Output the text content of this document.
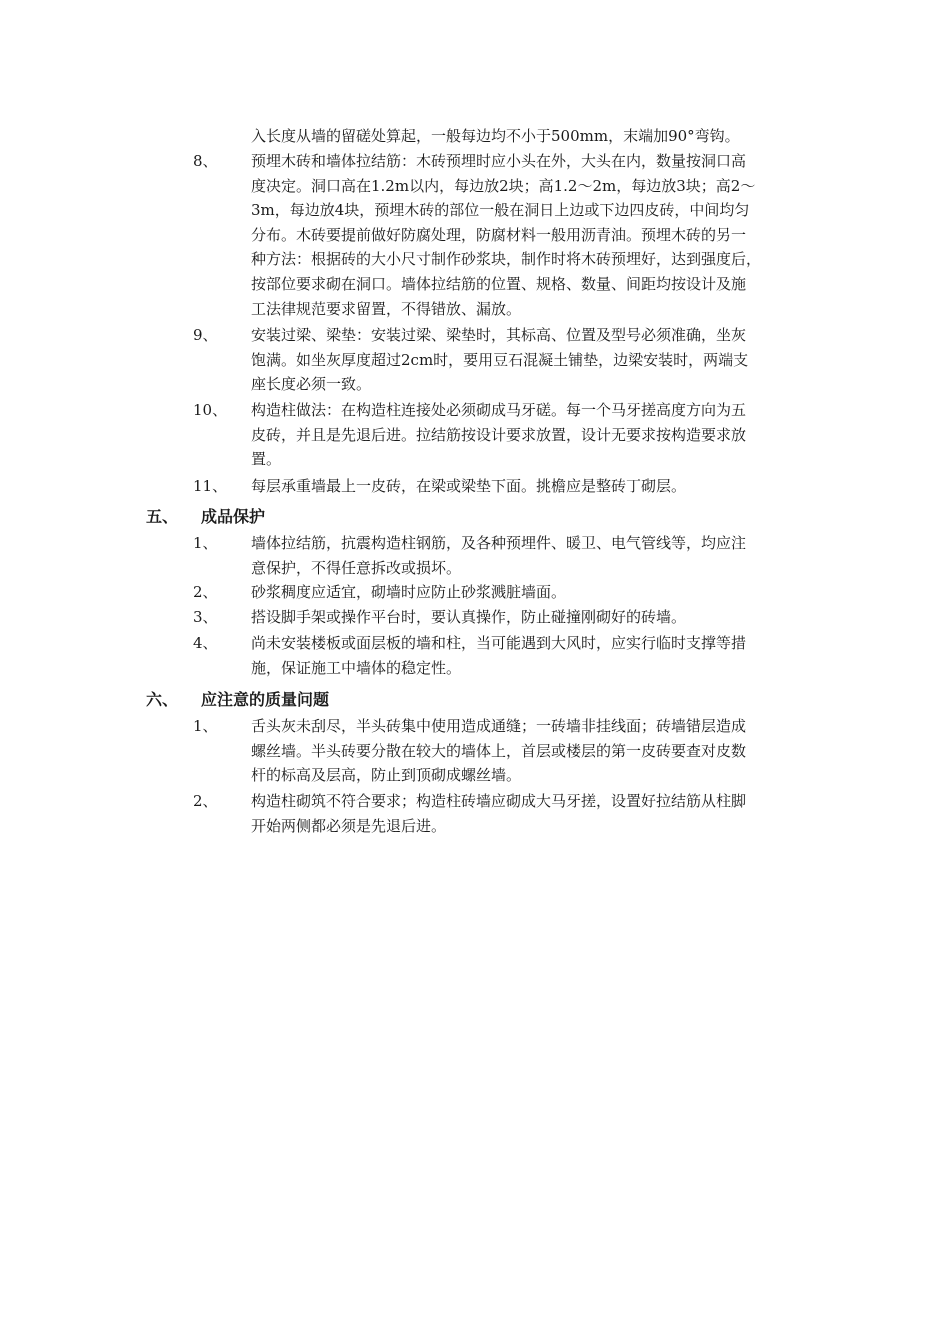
入长度从墙的留磋处算起，一般每边均不小于500mm，末端加90°弯钩。
8、 预埋木砖和墙体拉结筋：木砖预埋时应小头在外，大头在内，数量按洞口高
度决定。洞口高在1.2m以内，每边放2块；高1.2～2m，每边放3块；高2～
3m，每边放4块，预埋木砖的部位一般在洞日上边或下边四皮砖，中间均匀
分布。木砖要提前做好防腐处理，防腐材料一般用沥青油。预埋木砖的另一
种方法：根据砖的大小尺寸制作砂浆块，制作时将木砖预埋好，达到强度后，
按部位要求砌在洞口。墙体拉结筋的位置、规格、数量、间距均按设计及施
工法律规范要求留置，不得错放、漏放。
9、 安装过梁、梁垫：安装过梁、梁垫时，其标高、位置及型号必须准确，坐灰
饱满。如坐灰厚度超过2cm时，要用豆石混凝土铺垫，边梁安装时，两端支
座长度必须一致。
10、 构造柱做法：在构造柱连接处必须砌成马牙磋。每一个马牙搓高度方向为五
皮砖，并且是先退后进。拉结筋按设计要求放置，设计无要求按构造要求放
置。
11、 每层承重墙最上一皮砖，在梁或梁垫下面。挑檐应是整砖丁砌层。
五、 成品保护
1、 墙体拉结筋，抗震构造柱钢筋，及各种预埋件、暖卫、电气管线等，均应注
意保护，不得任意拆改或损坏。
2、 砂浆稠度应适宜，砌墙时应防止砂浆溅脏墙面。
3、 搭设脚手架或操作平台时，要认真操作，防止碰撞刚砌好的砖墙。
4、 尚未安装楼板或面层板的墙和柱，当可能遇到大风时，应实行临时支撑等措
施，保证施工中墙体的稳定性。
六、 应注意的质量问题
1、 舌头灰未刮尽，半头砖集中使用造成通缝；一砖墙非挂线面；砖墙错层造成
螺丝墙。半头砖要分散在较大的墙体上，首层或楼层的第一皮砖要查对皮数
杆的标高及层高，防止到顶砌成螺丝墙。
2、 构造柱砌筑不符合要求；构造柱砖墙应砌成大马牙搓，设置好拉结筋从柱脚
开始两侧都必须是先退后进。
